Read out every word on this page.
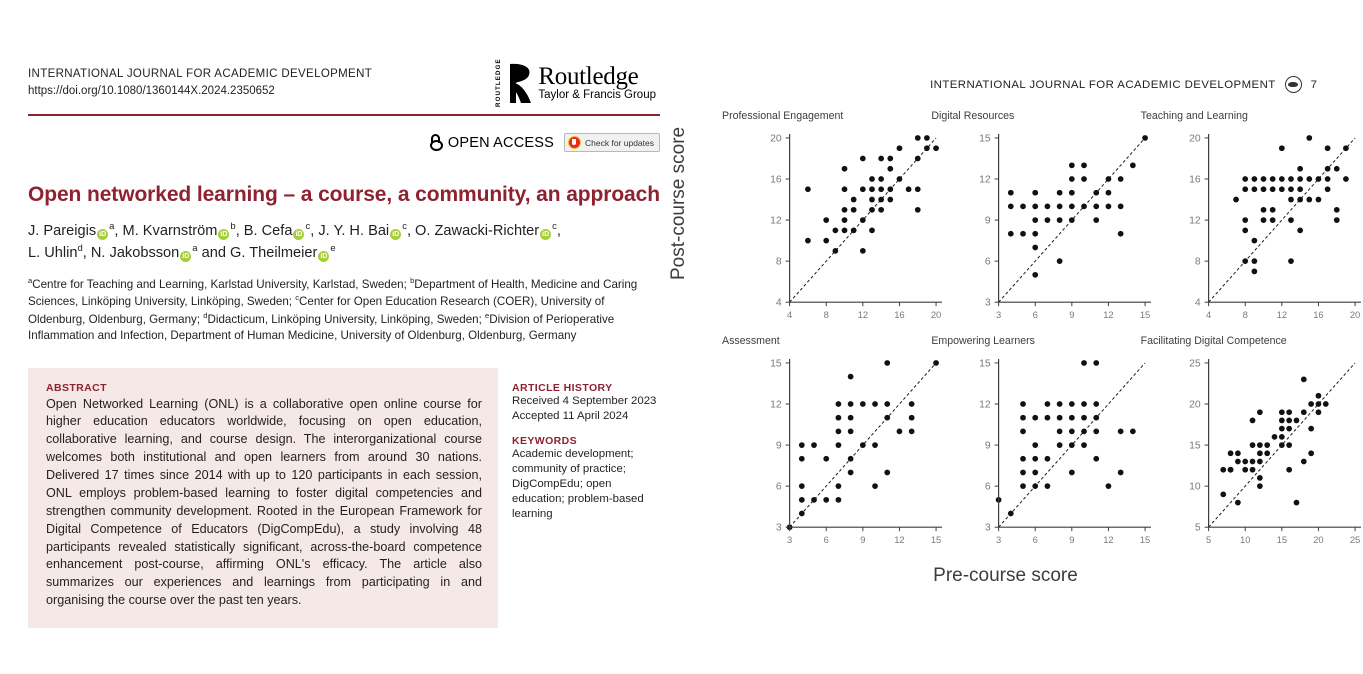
INTERNATIONAL JOURNAL FOR ACADEMIC DEVELOPMENT
https://doi.org/10.1080/1360144X.2024.2350652	ROUTLEDGE Routledge
Taylor & Francis Group
OPEN ACCESS	Check for updates
Open networked learning – a course, a community, an approach
J. Pareigis $iD^a$, M. Kvarnström $iD^b$, B. Cefa $iD^c$, J. Y. H. Bai $iD^c$, O. Zawacki-Richter $iD^c$,
L. Uhlin$^d$, N. Jakobsson $iD^a$ and G. Theilmeier $iD^e$
$^a$Centre for Teaching and Learning, Karlstad University, Karlstad, Sweden; $^b$Department of Health, Medicine and Caring Sciences, Linköping University, Linköping, Sweden; $^c$Center for Open Education Research (COER), University of Oldenburg, Oldenburg, Germany; $^d$Didacticum, Linköping University, Linköping, Sweden; $^e$Division of Perioperative Inflammation and Infection, Department of Human Medicine, University of Oldenburg, Oldenburg, Germany
ABSTRACT
Open Networked Learning (ONL) is a collaborative open online course for higher education educators worldwide, focusing on open education, collaborative learning, and course design. The interorganizational course welcomes both institutional and open learners from around 30 nations. Delivered 17 times since 2014 with up to 120 participants in each session, ONL employs problem-based learning to foster digital competencies and strengthen community development. Rooted in the European Framework for Digital Competence of Educators (DigCompEdu), a study involving 48 participants revealed statistically significant, across-the-board competence enhancement post-course, affirming ONL's efficacy. The article also summarizes our experiences and learnings from participating in and organising the course over the past ten years.
ARTICLE HISTORY
Received 4 September 2023
Accepted 11 April 2024
KEYWORDS
Academic development; community of practice; DigCompEdu; open education; problem-based learning
INTERNATIONAL JOURNAL FOR ACADEMIC DEVELOPMENT	7
Post-course score
Pre-course score
Professional Engagement
4	8	12	16	20
4
8
12
16
20
Digital Resources
3	6	9	12	15
3
6
9
12
15
Teaching and Learning
4	8	12	16	20
4
8
12
16
20
Assessment
3	6	9	12	15
3
6
9
12
15
Empowering Learners
3	6	9	12	15
3
6
9
12
15
Facilitating Digital Competence
5	10	15	20	25
5
10
15
20
25
